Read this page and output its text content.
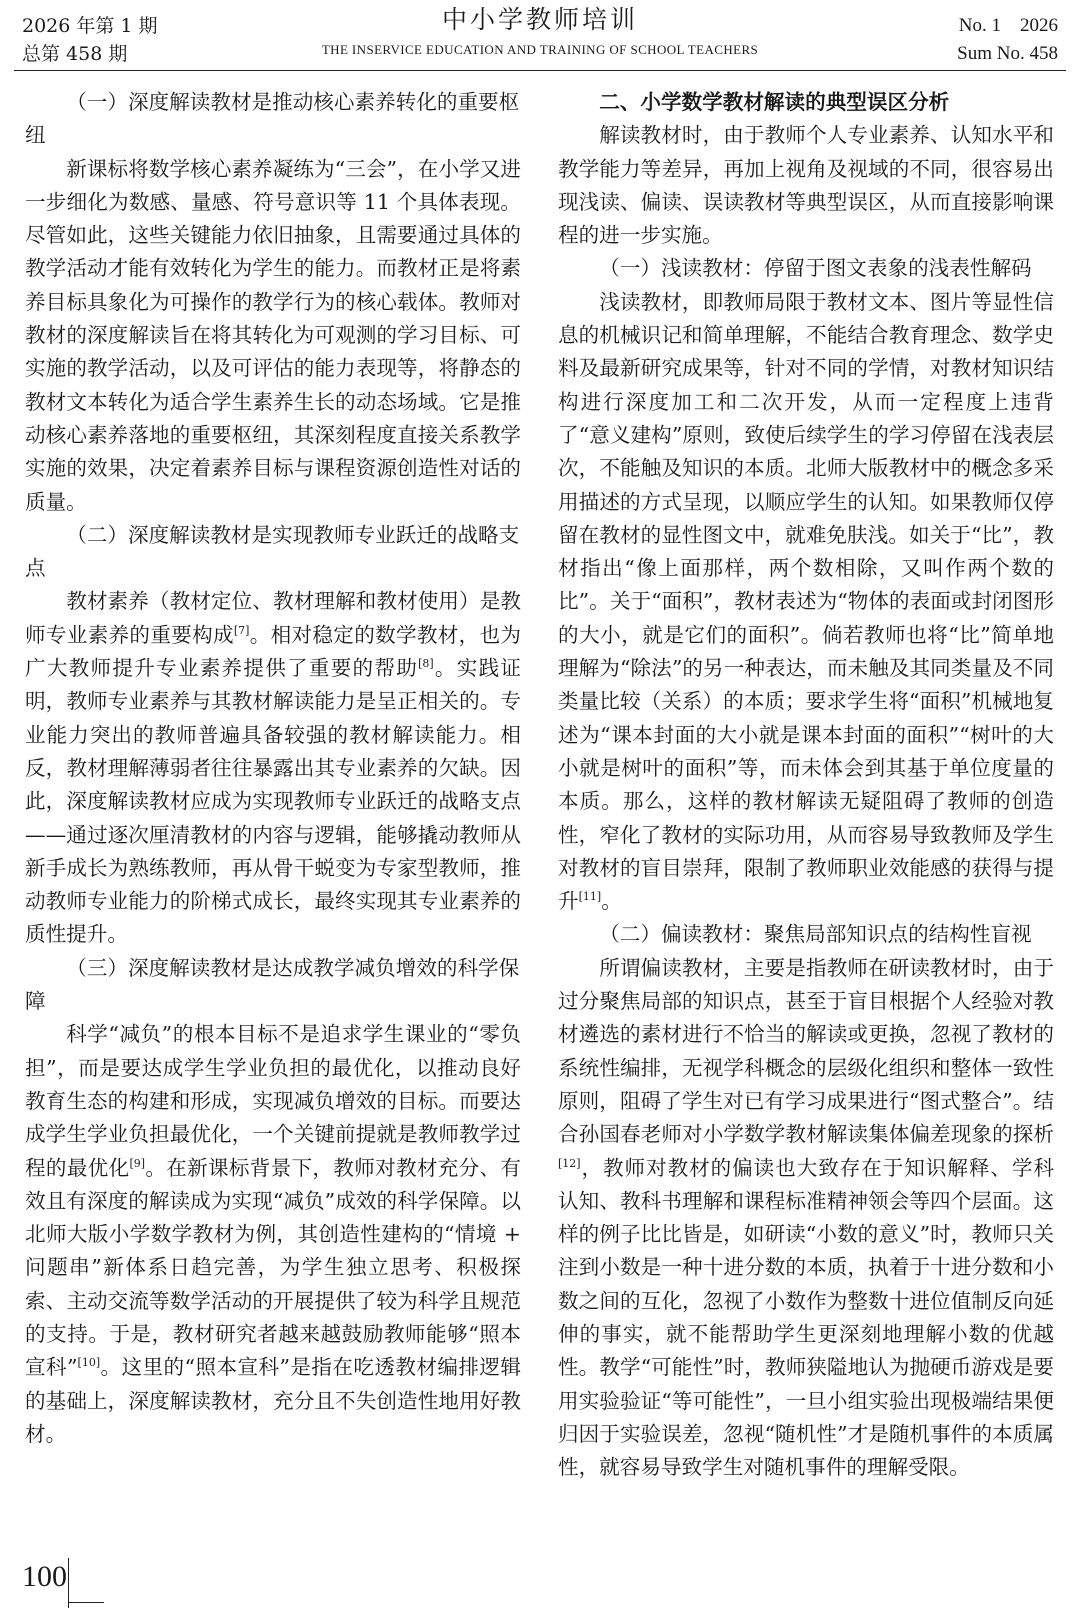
2026 年第 1 期
总第 458 期
中小学教师培训
THE INSERVICE EDUCATION AND TRAINING OF SCHOOL TEACHERS
No. 1　2026
Sum No. 458
（一）深度解读教材是推动核心素养转化的重要枢纽

新课标将数学核心素养凝练为“三会”，在小学又进一步细化为数感、量感、符号意识等 11 个具体表现。尽管如此，这些关键能力依旧抽象，且需要通过具体的教学活动才能有效转化为学生的能力。而教材正是将素养目标具象化为可操作的教学行为的核心载体。教师对教材的深度解读旨在将其转化为可观测的学习目标、可实施的教学活动，以及可评估的能力表现等，将静态的教材文本转化为适合学生素养生长的动态场域。它是推动核心素养落地的重要枢纽，其深刻程度直接关系教学实施的效果，决定着素养目标与课程资源创造性对话的质量。

（二）深度解读教材是实现教师专业跃迁的战略支点

教材素养（教材定位、教材理解和教材使用）是教师专业素养的重要构成[7]。相对稳定的数学教材，也为广大教师提升专业素养提供了重要的帮助[8]。实践证明，教师专业素养与其教材解读能力是呈正相关的。专业能力突出的教师普遍具备较强的教材解读能力。相反，教材理解薄弱者往往暴露出其专业素养的欠缺。因此，深度解读教材应成为实现教师专业跃迁的战略支点——通过逐次厘清教材的内容与逻辑，能够撬动教师从新手成长为熟练教师，再从骨干蜕变为专家型教师，推动教师专业能力的阶梯式成长，最终实现其专业素养的质性提升。

（三）深度解读教材是达成教学减负增效的科学保障

科学“减负”的根本目标不是追求学生课业的“零负担”，而是要达成学生学业负担的最优化，以推动良好教育生态的构建和形成，实现减负增效的目标。而要达成学生学业负担最优化，一个关键前提就是教师教学过程的最优化[9]。在新课标背景下，教师对教材充分、有效且有深度的解读成为实现“减负”成效的科学保障。以北师大版小学数学教材为例，其创造性建构的“情境 + 问题串”新体系日趋完善，为学生独立思考、积极探索、主动交流等数学活动的开展提供了较为科学且规范的支持。于是，教材研究者越来越鼓励教师能够“照本宣科”[10]。这里的“照本宣科”是指在吃透教材编排逻辑的基础上，深度解读教材，充分且不失创造性地用好教材。

二、小学数学教材解读的典型误区分析

解读教材时，由于教师个人专业素养、认知水平和教学能力等差异，再加上视角及视域的不同，很容易出现浅读、偏读、误读教材等典型误区，从而直接影响课程的进一步实施。

（一）浅读教材：停留于图文表象的浅表性解码

浅读教材，即教师局限于教材文本、图片等显性信息的机械识记和简单理解，不能结合教育理念、数学史料及最新研究成果等，针对不同的学情，对教材知识结构进行深度加工和二次开发，从而一定程度上违背了“意义建构”原则，致使后续学生的学习停留在浅表层次，不能触及知识的本质。北师大版教材中的概念多采用描述的方式呈现，以顺应学生的认知。如果教师仅停留在教材的显性图文中，就难免肤浅。如关于“比”，教材指出“像上面那样，两个数相除，又叫作两个数的比”。关于“面积”，教材表述为“物体的表面或封闭图形的大小，就是它们的面积”。倘若教师也将“比”简单地理解为“除法”的另一种表达，而未触及其同类量及不同类量比较（关系）的本质；要求学生将“面积”机械地复述为“课本封面的大小就是课本封面的面积”“树叶的大小就是树叶的面积”等，而未体会到其基于单位度量的本质。那么，这样的教材解读无疑阻碍了教师的创造性，窄化了教材的实际功用，从而容易导致教师及学生对教材的盲目崇拜，限制了教师职业效能感的获得与提升[11]。

（二）偏读教材：聚焦局部知识点的结构性盲视

所谓偏读教材，主要是指教师在研读教材时，由于过分聚焦局部的知识点，甚至于盲目根据个人经验对教材遴选的素材进行不恰当的解读或更换，忽视了教材的系统性编排，无视学科概念的层级化组织和整体一致性原则，阻碍了学生对已有学习成果进行“图式整合”。结合孙国春老师对小学数学教材解读集体偏差现象的探析[12]，教师对教材的偏读也大致存在于知识解释、学科认知、教科书理解和课程标准精神领会等四个层面。这样的例子比比皆是，如研读“小数的意义”时，教师只关注到小数是一种十进分数的本质，执着于十进分数和小数之间的互化，忽视了小数作为整数十进位值制反向延伸的事实，就不能帮助学生更深刻地理解小数的优越性。教学“可能性”时，教师狭隘地认为抛硬币游戏是要用实验验证“等可能性”，一旦小组实验出现极端结果便归因于实验误差，忽视“随机性”才是随机事件的本质属性，就容易导致学生对随机事件的理解受限。

100
